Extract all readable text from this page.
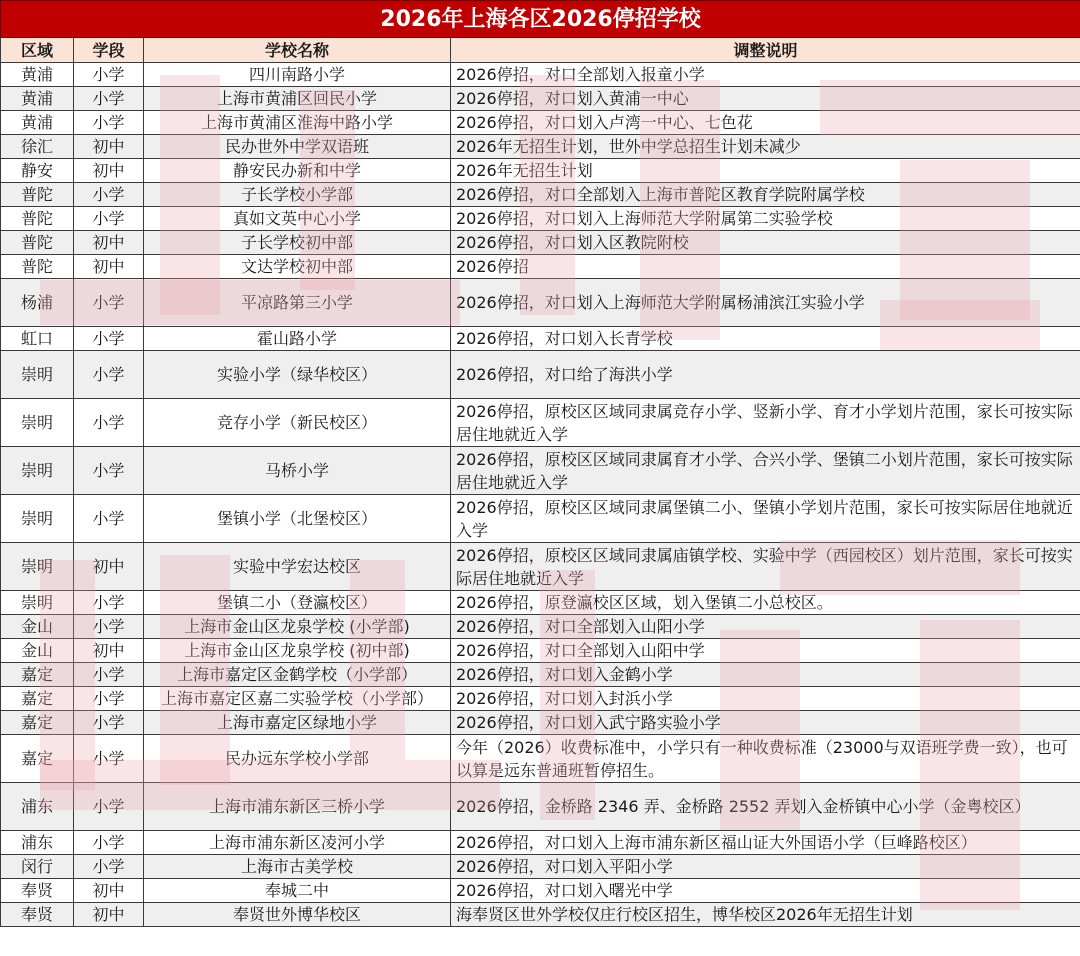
2026年上海各区2026停招学校			
区域	学段	学校名称	调整说明
黄浦	小学	四川南路小学	2026停招，对口全部划入报童小学
黄浦	小学	上海市黄浦区回民小学	2026停招，对口划入黄浦一中心
黄浦	小学	上海市黄浦区淮海中路小学	2026停招，对口划入卢湾一中心、七色花
徐汇	初中	民办世外中学双语班	2026年无招生计划，世外中学总招生计划未减少
静安	初中	静安民办新和中学	2026年无招生计划
普陀	小学	子长学校小学部	2026停招，对口全部划入上海市普陀区教育学院附属学校
普陀	小学	真如文英中心小学	2026停招，对口划入上海师范大学附属第二实验学校
普陀	初中	子长学校初中部	2026停招，对口划入区教院附校
普陀	初中	文达学校初中部	2026停招
杨浦	小学	平凉路第三小学	2026停招，对口划入上海师范大学附属杨浦滨江实验小学
虹口	小学	霍山路小学	2026停招，对口划入长青学校
崇明	小学	实验小学（绿华校区）	2026停招，对口给了海洪小学
崇明	小学	竞存小学（新民校区）	2026停招，原校区区域同隶属竞存小学、竖新小学、育才小学划片范围，家长可按实际居住地就近入学
崇明	小学	马桥小学	2026停招，原校区区域同隶属育才小学、合兴小学、堡镇二小划片范围，家长可按实际居住地就近入学
崇明	小学	堡镇小学（北堡校区）	2026停招，原校区区域同隶属堡镇二小、堡镇小学划片范围，家长可按实际居住地就近入学
崇明	初中	实验中学宏达校区	2026停招，原校区区域同隶属庙镇学校、实验中学（西园校区）划片范围，家长可按实际居住地就近入学
崇明	小学	堡镇二小（登瀛校区）	2026停招，原登瀛校区区域，划入堡镇二小总校区。
金山	小学	上海市金山区龙泉学校 (小学部)	2026停招，对口全部划入山阳小学
金山	初中	上海市金山区龙泉学校 (初中部)	2026停招，对口全部划入山阳中学
嘉定	小学	上海市嘉定区金鹤学校（小学部）	2026停招，对口划入金鹤小学
嘉定	小学	上海市嘉定区嘉二实验学校（小学部）	2026停招，对口划入封浜小学
嘉定	小学	上海市嘉定区绿地小学	2026停招，对口划入武宁路实验小学
嘉定	小学	民办远东学校小学部	今年（2026）收费标准中，小学只有一种收费标准（23000与双语班学费一致），也可以算是远东普通班暂停招生。
浦东	小学	上海市浦东新区三桥小学	2026停招，金桥路 2346 弄、金桥路 2552 弄划入金桥镇中心小学（金粤校区）
浦东	小学	上海市浦东新区凌河小学	2026停招，对口划入上海市浦东新区福山证大外国语小学（巨峰路校区）
闵行	小学	上海市古美学校	2026停招，对口划入平阳小学
奉贤	初中	奉城二中	2026停招，对口划入曙光中学
奉贤	初中	奉贤世外博华校区	海奉贤区世外学校仅庄行校区招生，博华校区2026年无招生计划
